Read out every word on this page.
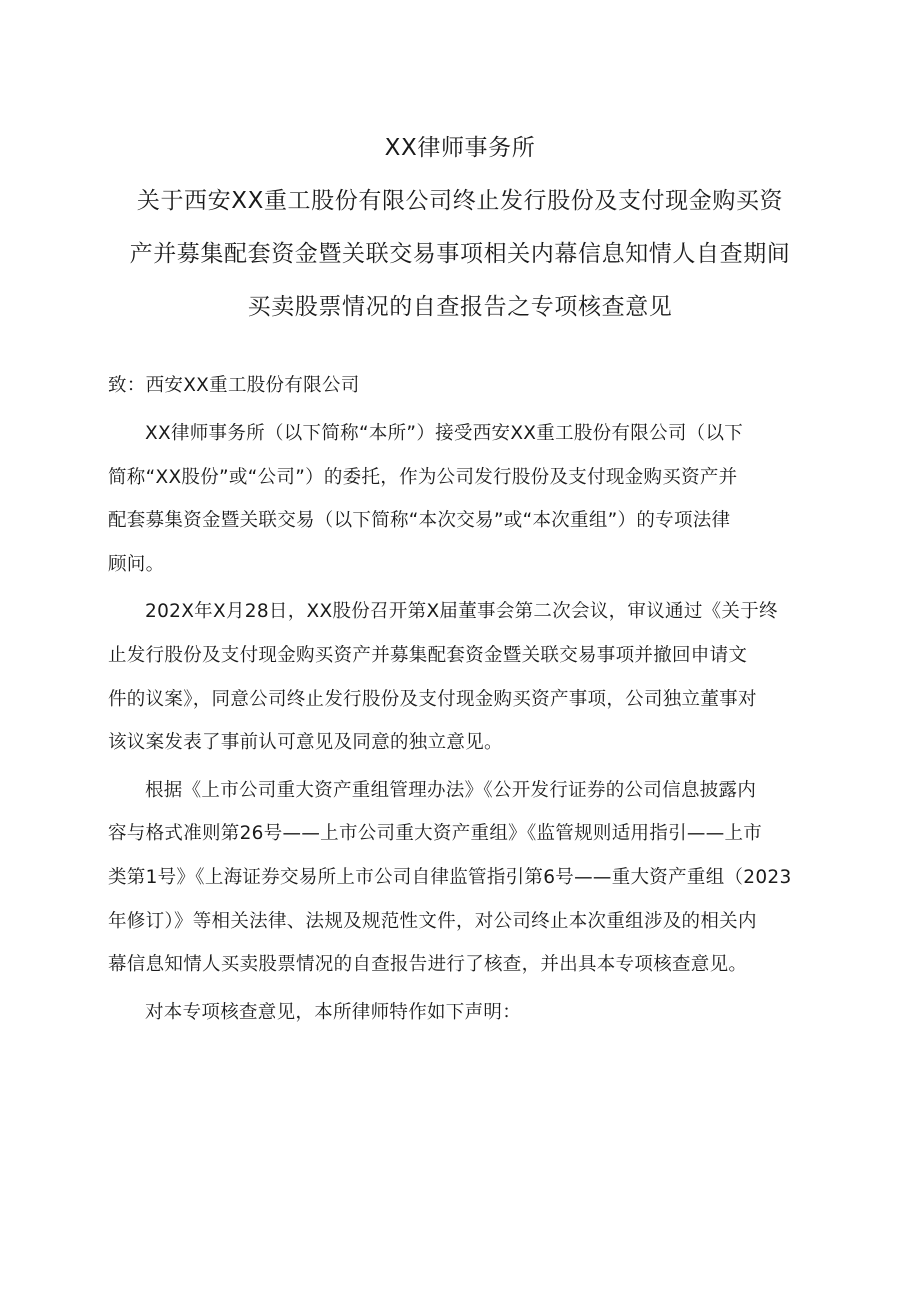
XX律师事务所
关于西安XX重工股份有限公司终止发行股份及支付现金购买资
产并募集配套资金暨关联交易事项相关内幕信息知情人自查期间
买卖股票情况的自查报告之专项核查意见
致：西安XX重工股份有限公司

XX律师事务所（以下简称“本所”）接受西安XX重工股份有限公司（以下
简称“XX股份”或“公司”）的委托，作为公司发行股份及支付现金购买资产并
配套募集资金暨关联交易（以下简称“本次交易”或“本次重组”）的专项法律
顾问。

202X年X月28日，XX股份召开第X届董事会第二次会议，审议通过《关于终
止发行股份及支付现金购买资产并募集配套资金暨关联交易事项并撤回申请文
件的议案》，同意公司终止发行股份及支付现金购买资产事项，公司独立董事对
该议案发表了事前认可意见及同意的独立意见。

根据《上市公司重大资产重组管理办法》《公开发行证券的公司信息披露内
容与格式准则第26号——上市公司重大资产重组》《监管规则适用指引——上市
类第1号》《上海证券交易所上市公司自律监管指引第6号——重大资产重组（2023
年修订）》等相关法律、法规及规范性文件，对公司终止本次重组涉及的相关内
幕信息知情人买卖股票情况的自查报告进行了核查，并出具本专项核查意见。

对本专项核查意见，本所律师特作如下声明：
